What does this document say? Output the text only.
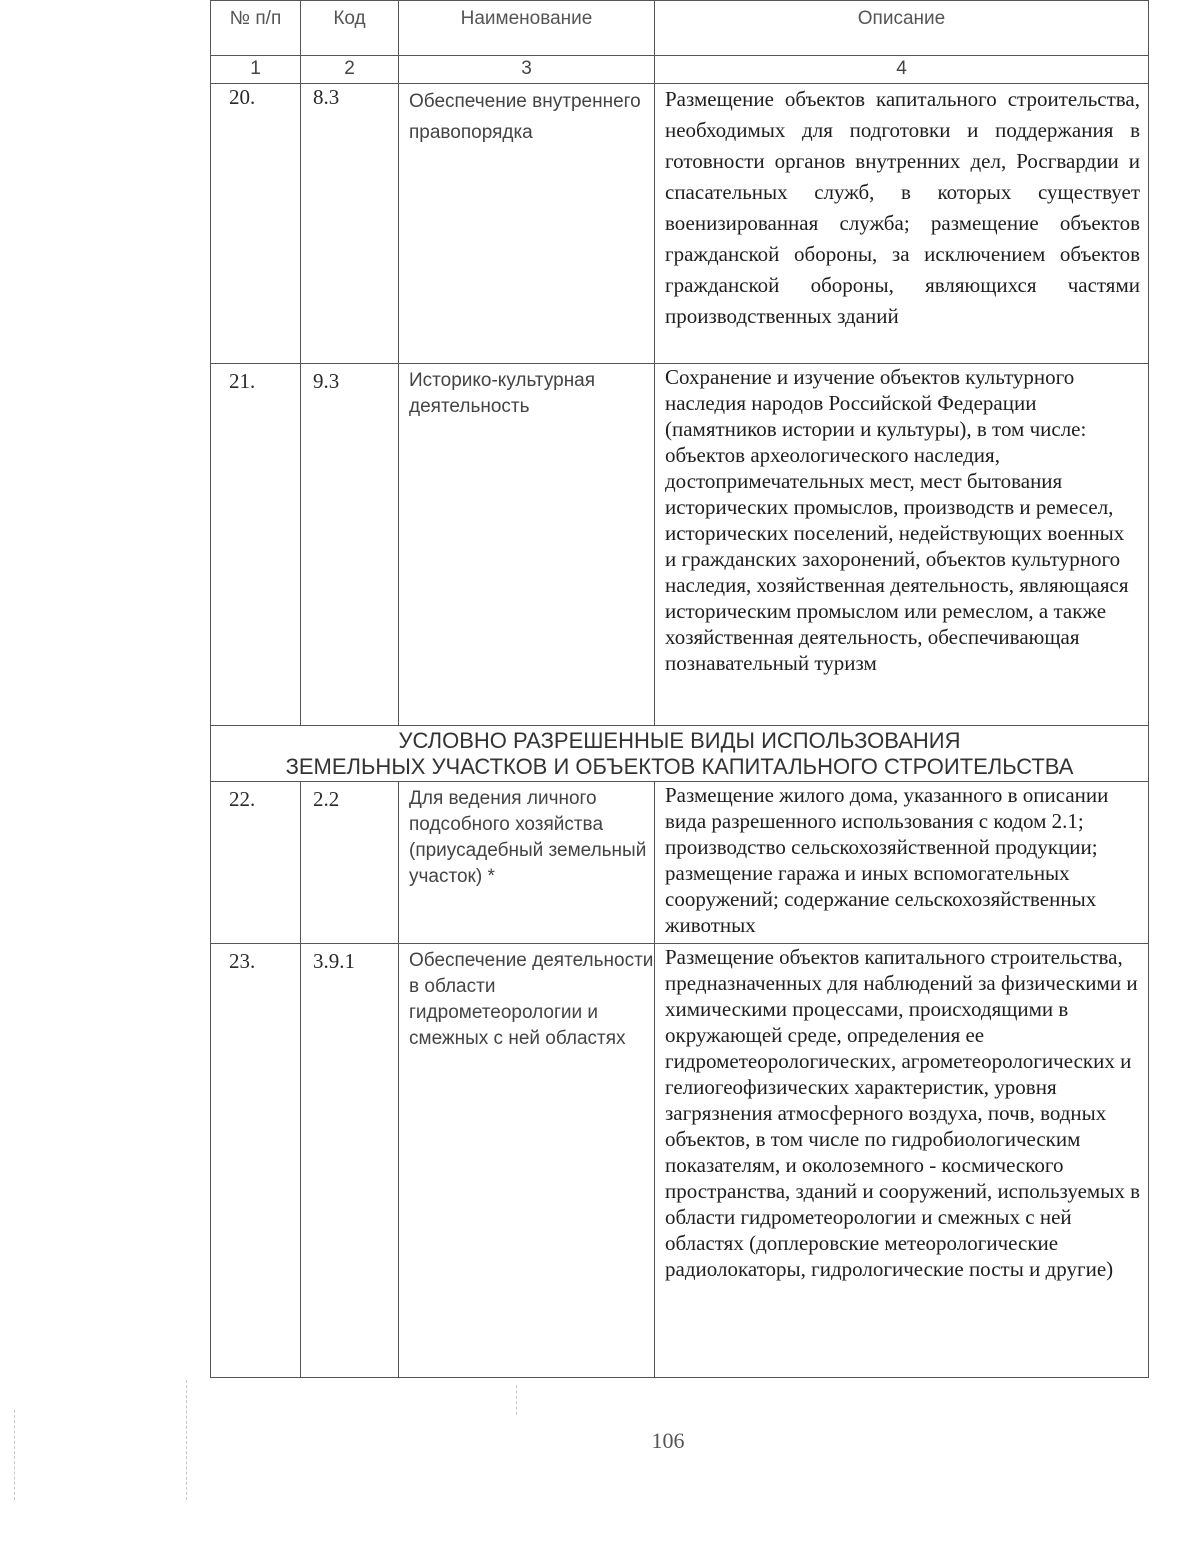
№ п/п	Код	Наименование	Описание
1	2	3	4
20.	8.3	Обеспечение внутреннего правопорядка	Размещение объектов капитального строительства, необходимых для подготовки и поддержания в готовности органов внутренних дел, Росгвардии и спасательных служб, в которых существует военизированная служба; размещение объектов гражданской обороны, за исключением объектов гражданской обороны, являющихся частями производственных зданий
21.	9.3	Историко-культурная деятельность	Сохранение и изучение объектов культурного наследия народов Российской Федерации (памятников истории и культуры), в том числе: объектов археологического наследия, достопримечательных мест, мест бытования исторических промыслов, производств и ремесел, исторических поселений, недействующих военных и гражданских захоронений, объектов культурного наследия, хозяйственная деятельность, являющаяся историческим промыслом или ремеслом, а также хозяйственная деятельность, обеспечивающая познавательный туризм

УСЛОВНО РАЗРЕШЕННЫЕ ВИДЫ ИСПОЛЬЗОВАНИЯ
ЗЕМЕЛЬНЫХ УЧАСТКОВ И ОБЪЕКТОВ КАПИТАЛЬНОГО СТРОИТЕЛЬСТВА			

22.	2.2	Для ведения личного подсобного хозяйства (приусадебный земельный участок) *	Размещение жилого дома, указанного в описании вида разрешенного использования с кодом 2.1; производство сельскохозяйственной продукции; размещение гаража и иных вспомогательных сооружений; содержание сельскохозяйственных животных
23.	3.9.1	Обеспечение деятельности в области гидрометеорологии и смежных с ней областях	Размещение объектов капитального строительства, предназначенных для наблюдений за физическими и химическими процессами, происходящими в окружающей среде, определения ее гидрометеорологических, агрометеорологических и гелиогеофизических характеристик, уровня загрязнения атмосферного воздуха, почв, водных объектов, в том числе по гидробиологическим показателям, и околоземного - космического пространства, зданий и сооружений, используемых в области гидрометеорологии и смежных с ней областях (доплеровские метеорологические радиолокаторы, гидрологические посты и другие)
106
